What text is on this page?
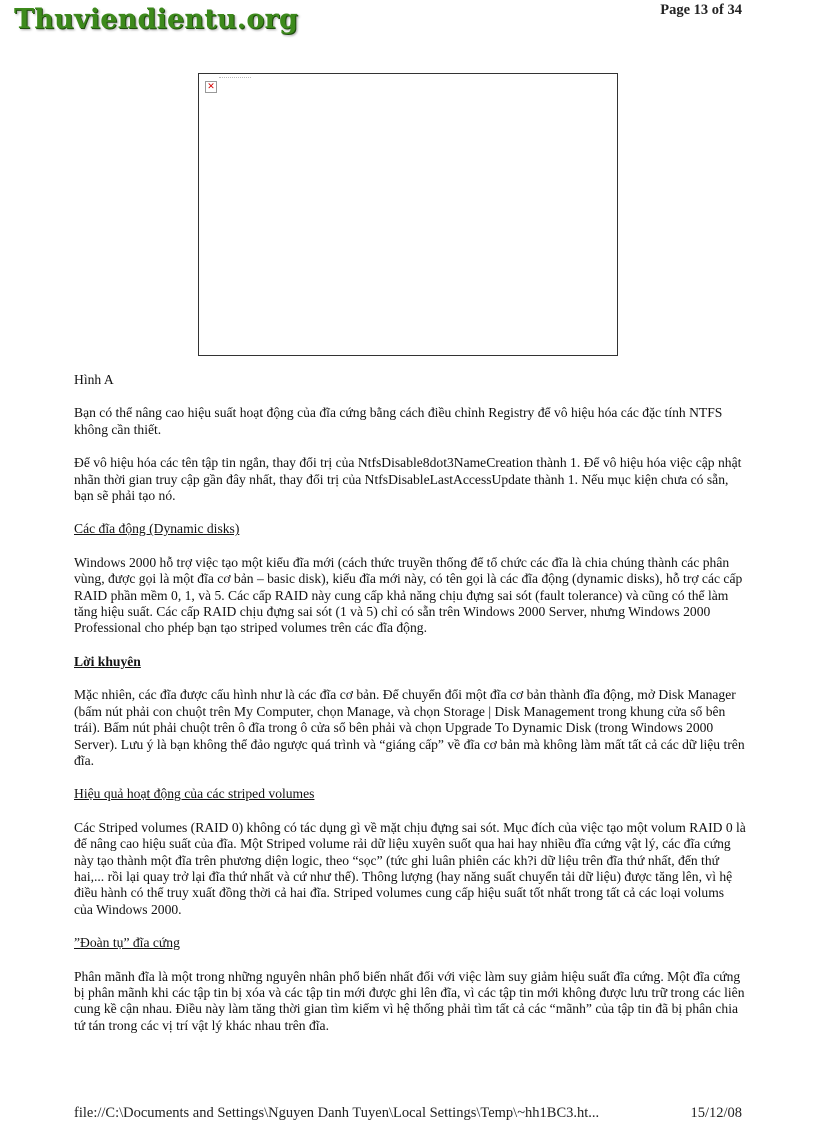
Thuviendientu.org	Page 13 of 34
✕

Hình A

Bạn có thể nâng cao hiệu suất hoạt động của đĩa cứng bằng cách điều chỉnh Registry để vô hiệu hóa các đặc tính NTFS không cần thiết.

Để vô hiệu hóa các tên tập tin ngắn, thay đổi trị của NtfsDisable8dot3NameCreation thành 1. Để vô hiệu hóa việc cập nhật nhãn thời gian truy cập gần đây nhất, thay đổi trị của NtfsDisableLastAccessUpdate thành 1. Nếu mục kiện chưa có sẵn, bạn sẽ phải tạo nó.

Các đĩa động (Dynamic disks)

Windows 2000 hỗ trợ việc tạo một kiểu đĩa mới (cách thức truyền thống để tổ chức các đĩa là chia chúng thành các phân vùng, được gọi là một đĩa cơ bản – basic disk), kiểu đĩa mới này, có tên gọi là các đĩa động (dynamic disks), hỗ trợ các cấp RAID phần mềm 0, 1, và 5. Các cấp RAID này cung cấp khả năng chịu đựng sai sót (fault tolerance) và cũng có thể làm tăng hiệu suất. Các cấp RAID chịu đựng sai sót (1 và 5) chỉ có sẵn trên Windows 2000 Server, nhưng Windows 2000 Professional cho phép bạn tạo striped volumes trên các đĩa động.

Lời khuyên

Mặc nhiên, các đĩa được cấu hình như là các đĩa cơ bản. Để chuyển đổi một đĩa cơ bản thành đĩa động, mở Disk Manager (bấm nút phải con chuột trên My Computer, chọn Manage, và chọn Storage | Disk Management trong khung cửa sổ bên trái). Bấm nút phải chuột trên ô đĩa trong ô cửa sổ bên phải và chọn Upgrade To Dynamic Disk (trong Windows 2000 Server). Lưu ý là bạn không thể đảo ngược quá trình và “giáng cấp” về đĩa cơ bản mà không làm mất tất cả các dữ liệu trên đĩa.

Hiệu quả hoạt động của các striped volumes

Các Striped volumes (RAID 0) không có tác dụng gì về mặt chịu đựng sai sót. Mục đích của việc tạo một volum RAID 0 là để nâng cao hiệu suất của đĩa. Một Striped volume rải dữ liệu xuyên suốt qua hai hay nhiều đĩa cứng vật lý, các đĩa cứng này tạo thành một đĩa trên phương diện logic, theo “sọc” (tức ghi luân phiên các kh?i dữ liệu trên đĩa thứ nhất, đến thứ hai,... rồi lại quay trở lại đĩa thứ nhất và cứ như thế). Thông lượng (hay năng suất chuyển tải dữ liệu) được tăng lên, vì hệ điều hành có thể truy xuất đồng thời cả hai đĩa. Striped volumes cung cấp hiệu suất tốt nhất trong tất cả các loại volums của Windows 2000.

”Đoàn tụ” đĩa cứng

Phân mãnh đĩa là một trong những nguyên nhân phổ biến nhất đối với việc làm suy giảm hiệu suất đĩa cứng. Một đĩa cứng bị phân mãnh khi các tập tin bị xóa và các tập tin mới được ghi lên đĩa, vì các tập tin mới không được lưu trữ trong các liên cung kề cận nhau. Điều này làm tăng thời gian tìm kiếm vì hệ thống phải tìm tất cả các “mãnh” của tập tin đã bị phân chia tứ tán trong các vị trí vật lý khác nhau trên đĩa.

file://C:\Documents and Settings\Nguyen Danh Tuyen\Local Settings\Temp\~hh1BC3.ht...	15/12/08
